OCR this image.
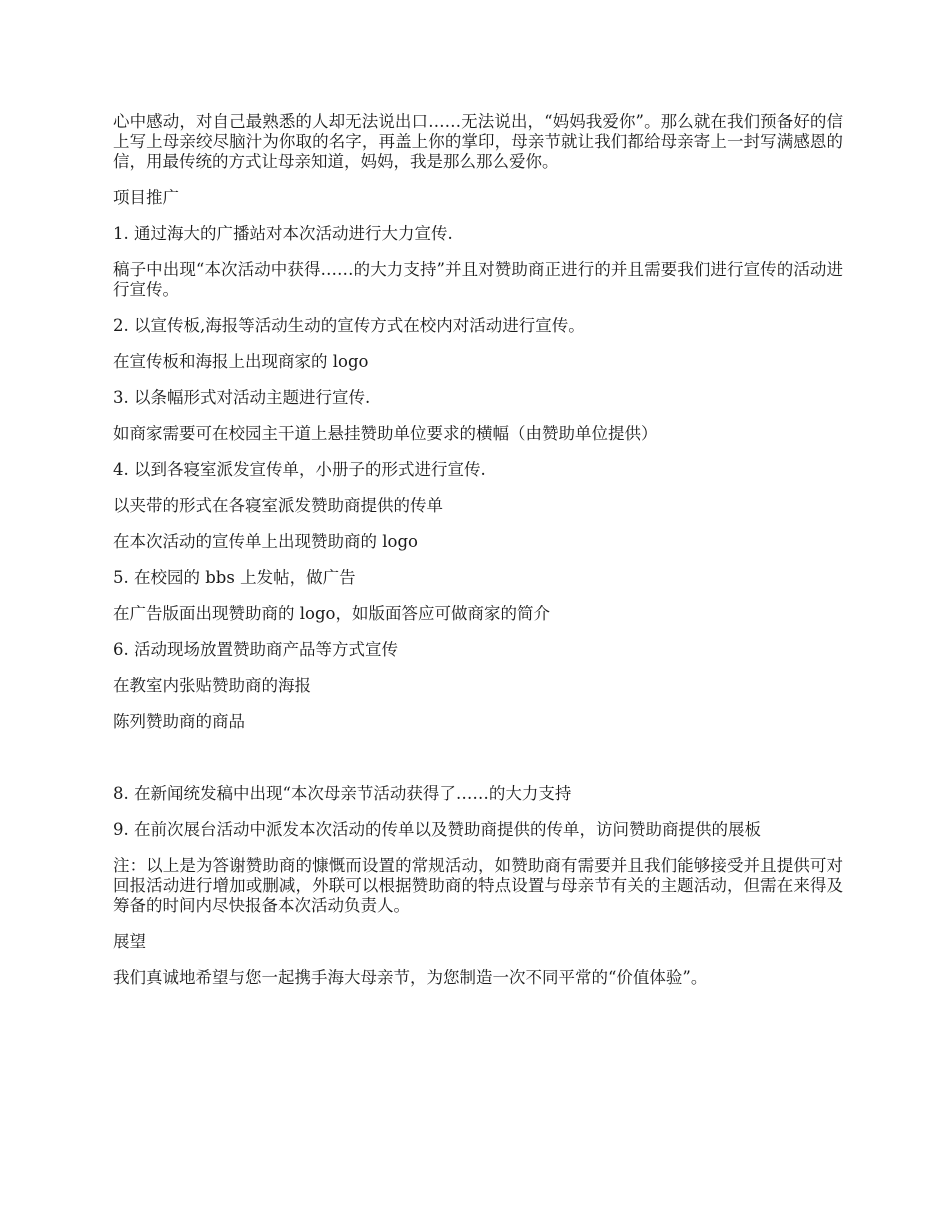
心中感动，对自己最熟悉的人却无法说出口……无法说出，“妈妈我爱你”。那么就在我们预备好的信上写上母亲绞尽脑汁为你取的名字，再盖上你的掌印，母亲节就让我们都给母亲寄上一封写满感恩的信，用最传统的方式让母亲知道，妈妈，我是那么那么爱你。

项目推广

1. 通过海大的广播站对本次活动进行大力宣传.

稿子中出现“本次活动中获得……的大力支持”并且对赞助商正进行的并且需要我们进行宣传的活动进行宣传。

2. 以宣传板,海报等活动生动的宣传方式在校内对活动进行宣传。

在宣传板和海报上出现商家的 logo

3. 以条幅形式对活动主题进行宣传.

如商家需要可在校园主干道上悬挂赞助单位要求的横幅（由赞助单位提供）

4. 以到各寝室派发宣传单，小册子的形式进行宣传.

以夹带的形式在各寝室派发赞助商提供的传单

在本次活动的宣传单上出现赞助商的 logo

5. 在校园的 bbs 上发帖，做广告

在广告版面出现赞助商的 logo，如版面答应可做商家的简介

6. 活动现场放置赞助商产品等方式宣传

在教室内张贴赞助商的海报

陈列赞助商的商品

8. 在新闻统发稿中出现“本次母亲节活动获得了……的大力支持

9. 在前次展台活动中派发本次活动的传单以及赞助商提供的传单，访问赞助商提供的展板

注：以上是为答谢赞助商的慷慨而设置的常规活动，如赞助商有需要并且我们能够接受并且提供可对回报活动进行增加或删减，外联可以根据赞助商的特点设置与母亲节有关的主题活动，但需在来得及筹备的时间内尽快报备本次活动负责人。

展望

我们真诚地希望与您一起携手海大母亲节，为您制造一次不同平常的“价值体验”。
